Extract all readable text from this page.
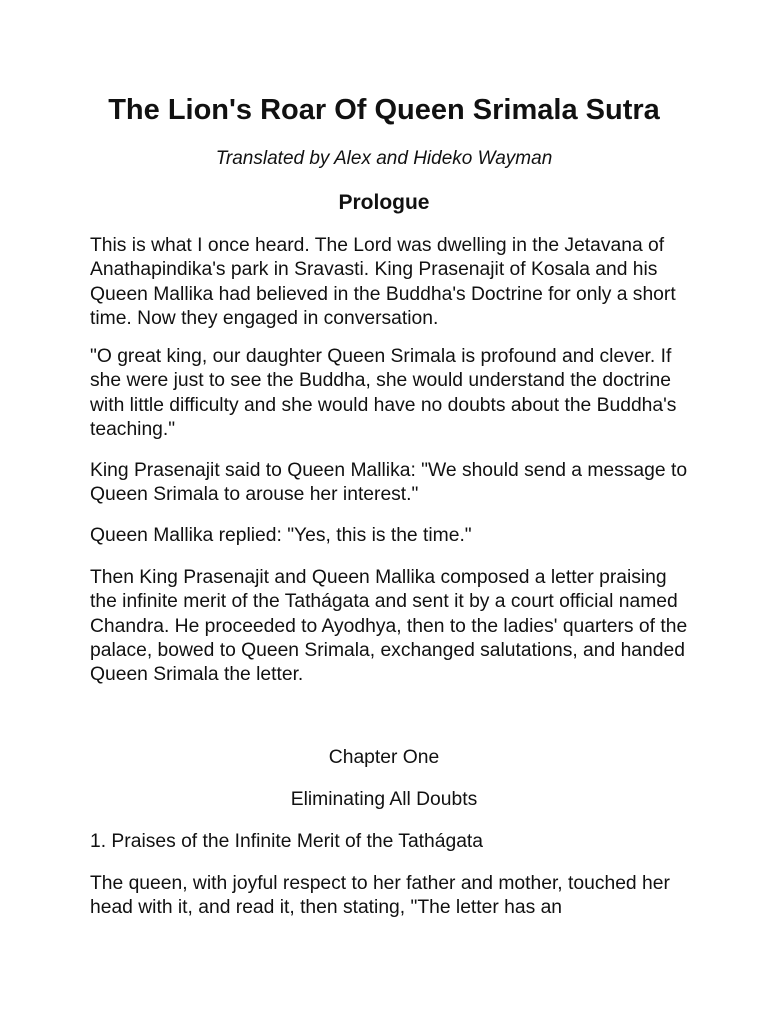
The Lion's Roar Of Queen Srimala Sutra

Translated by Alex and Hideko Wayman

Prologue

This is what I once heard. The Lord was dwelling in the Jetavana of Anathapindika's park in Sravasti. King Prasenajit of Kosala and his Queen Mallika had believed in the Buddha's Doctrine for only a short time. Now they engaged in conversation.

"O great king, our daughter Queen Srimala is profound and clever. If she were just to see the Buddha, she would understand the doctrine with little difficulty and she would have no doubts about the Buddha's teaching."

King Prasenajit said to Queen Mallika: "We should send a message to Queen Srimala to arouse her interest."

Queen Mallika replied: "Yes, this is the time."

Then King Prasenajit and Queen Mallika composed a letter praising the infinite merit of the Tathágata and sent it by a court official named Chandra. He proceeded to Ayodhya, then to the ladies' quarters of the palace, bowed to Queen Srimala, exchanged salutations, and handed Queen Srimala the letter.

Chapter One

Eliminating All Doubts

1. Praises of the Infinite Merit of the Tathágata

The queen, with joyful respect to her father and mother, touched her head with it, and read it, then stating, "The letter has an
